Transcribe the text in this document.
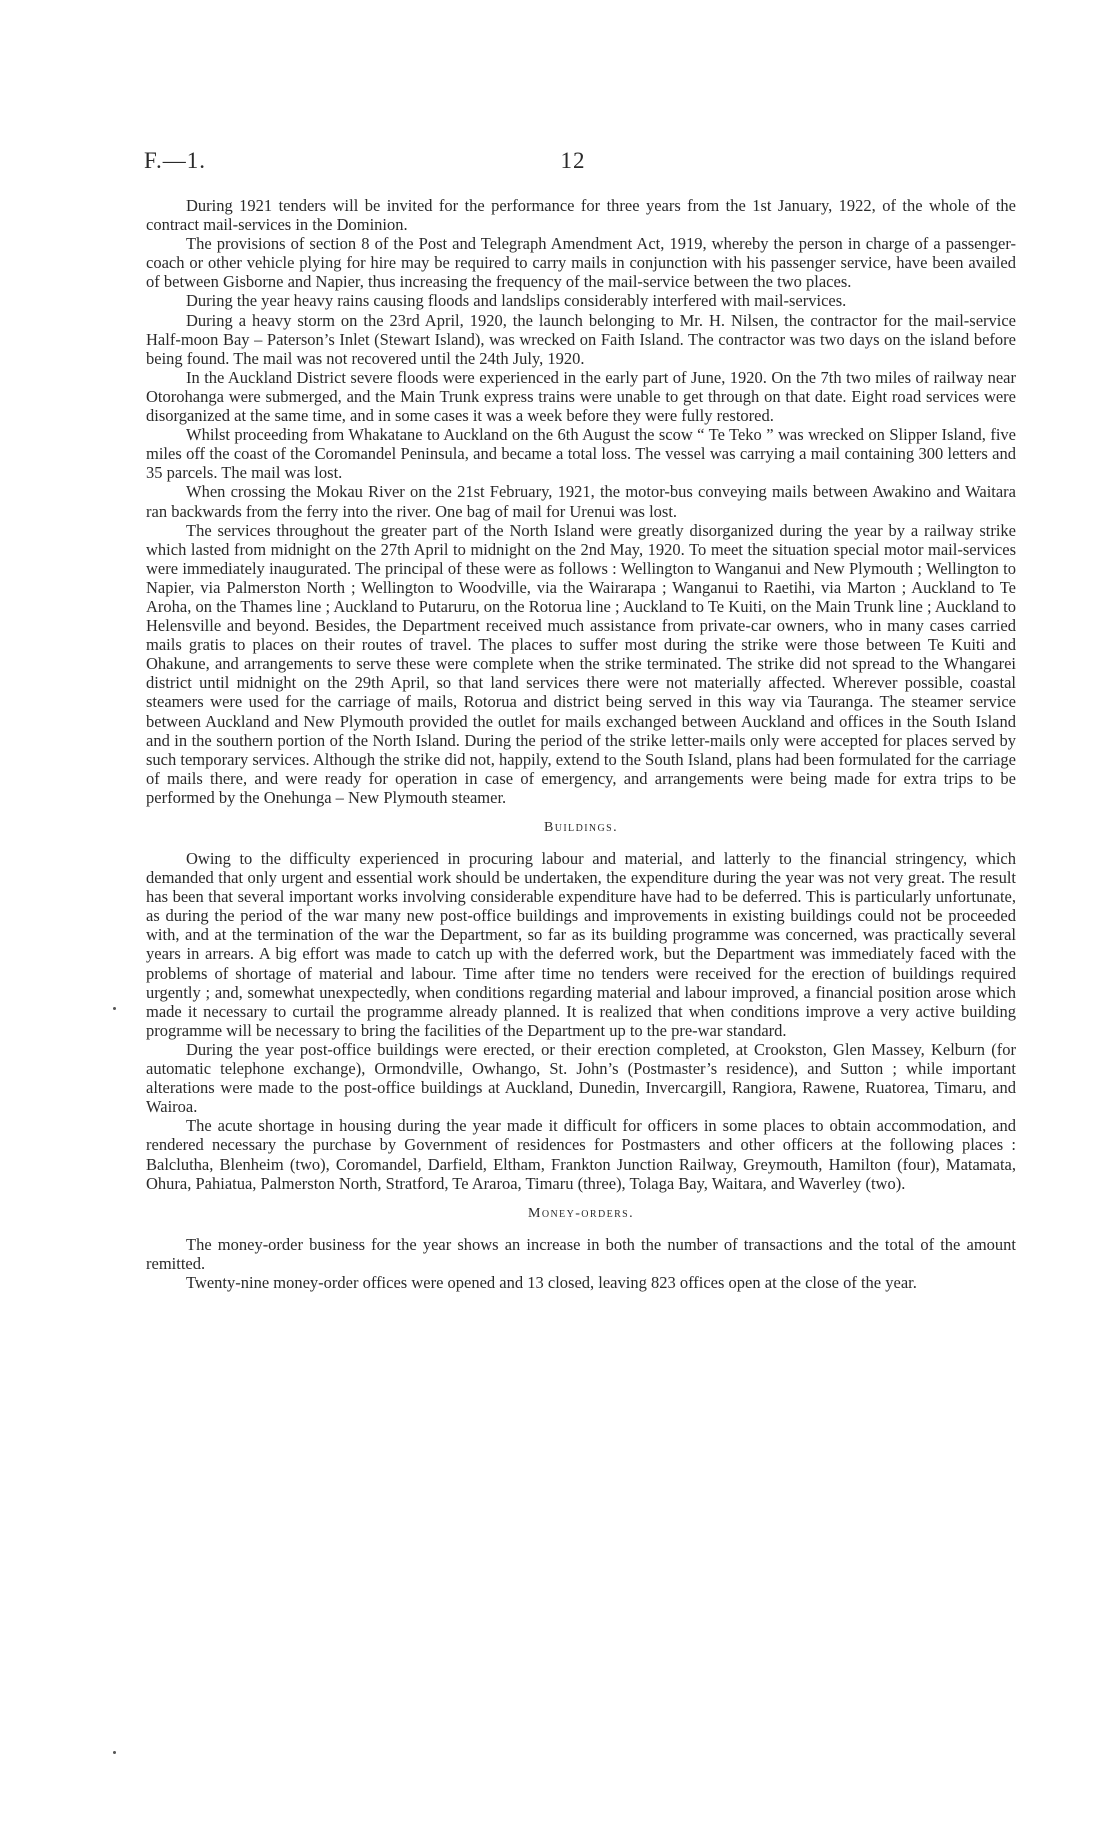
F.—1.	12

During 1921 tenders will be invited for the performance for three years from the 1st January, 1922, of the whole of the contract mail-services in the Dominion.

The provisions of section 8 of the Post and Telegraph Amendment Act, 1919, whereby the person in charge of a passenger-coach or other vehicle plying for hire may be required to carry mails in conjunction with his passenger service, have been availed of between Gisborne and Napier, thus increasing the frequency of the mail-service between the two places.

During the year heavy rains causing floods and landslips considerably interfered with mail-services.

During a heavy storm on the 23rd April, 1920, the launch belonging to Mr. H. Nilsen, the contractor for the mail-service Half-moon Bay – Paterson’s Inlet (Stewart Island), was wrecked on Faith Island. The contractor was two days on the island before being found. The mail was not recovered until the 24th July, 1920.

In the Auckland District severe floods were experienced in the early part of June, 1920. On the 7th two miles of railway near Otorohanga were submerged, and the Main Trunk express trains were unable to get through on that date. Eight road services were disorganized at the same time, and in some cases it was a week before they were fully restored.

Whilst proceeding from Whakatane to Auckland on the 6th August the scow “ Te Teko ” was wrecked on Slipper Island, five miles off the coast of the Coromandel Peninsula, and became a total loss. The vessel was carrying a mail containing 300 letters and 35 parcels. The mail was lost.

When crossing the Mokau River on the 21st February, 1921, the motor-bus conveying mails between Awakino and Waitara ran backwards from the ferry into the river. One bag of mail for Urenui was lost.

The services throughout the greater part of the North Island were greatly disorganized during the year by a railway strike which lasted from midnight on the 27th April to midnight on the 2nd May, 1920. To meet the situation special motor mail-services were immediately inaugurated. The principal of these were as follows : Wellington to Wanganui and New Plymouth ; Wellington to Napier, via Palmerston North ; Wellington to Woodville, via the Wairarapa ; Wanganui to Raetihi, via Marton ; Auckland to Te Aroha, on the Thames line ; Auckland to Putaruru, on the Rotorua line ; Auckland to Te Kuiti, on the Main Trunk line ; Auckland to Helensville and beyond. Besides, the Department received much assistance from private-car owners, who in many cases carried mails gratis to places on their routes of travel. The places to suffer most during the strike were those between Te Kuiti and Ohakune, and arrangements to serve these were complete when the strike terminated. The strike did not spread to the Whangarei district until midnight on the 29th April, so that land services there were not materially affected. Wherever possible, coastal steamers were used for the carriage of mails, Rotorua and district being served in this way via Tauranga. The steamer service between Auckland and New Plymouth provided the outlet for mails exchanged between Auckland and offices in the South Island and in the southern portion of the North Island. During the period of the strike letter-mails only were accepted for places served by such temporary services. Although the strike did not, happily, extend to the South Island, plans had been formulated for the carriage of mails there, and were ready for operation in case of emergency, and arrangements were being made for extra trips to be performed by the Onehunga – New Plymouth steamer.

Buildings.

Owing to the difficulty experienced in procuring labour and material, and latterly to the financial stringency, which demanded that only urgent and essential work should be undertaken, the expenditure during the year was not very great. The result has been that several important works involving considerable expenditure have had to be deferred. This is particularly unfortunate, as during the period of the war many new post-office buildings and improvements in existing buildings could not be proceeded with, and at the termination of the war the Department, so far as its building programme was concerned, was practically several years in arrears. A big effort was made to catch up with the deferred work, but the Department was immediately faced with the problems of shortage of material and labour. Time after time no tenders were received for the erection of buildings required urgently ; and, somewhat unexpectedly, when conditions regarding material and labour improved, a financial position arose which made it necessary to curtail the programme already planned. It is realized that when conditions improve a very active building programme will be necessary to bring the facilities of the Department up to the pre-war standard.

During the year post-office buildings were erected, or their erection completed, at Crookston, Glen Massey, Kelburn (for automatic telephone exchange), Ormondville, Owhango, St. John’s (Postmaster’s residence), and Sutton ; while important alterations were made to the post-office buildings at Auckland, Dunedin, Invercargill, Rangiora, Rawene, Ruatorea, Timaru, and Wairoa.

The acute shortage in housing during the year made it difficult for officers in some places to obtain accommodation, and rendered necessary the purchase by Government of residences for Postmasters and other officers at the following places : Balclutha, Blenheim (two), Coromandel, Darfield, Eltham, Frankton Junction Railway, Greymouth, Hamilton (four), Matamata, Ohura, Pahiatua, Palmerston North, Stratford, Te Araroa, Timaru (three), Tolaga Bay, Waitara, and Waverley (two).

Money-orders.

The money-order business for the year shows an increase in both the number of transactions and the total of the amount remitted.

Twenty-nine money-order offices were opened and 13 closed, leaving 823 offices open at the close of the year.
